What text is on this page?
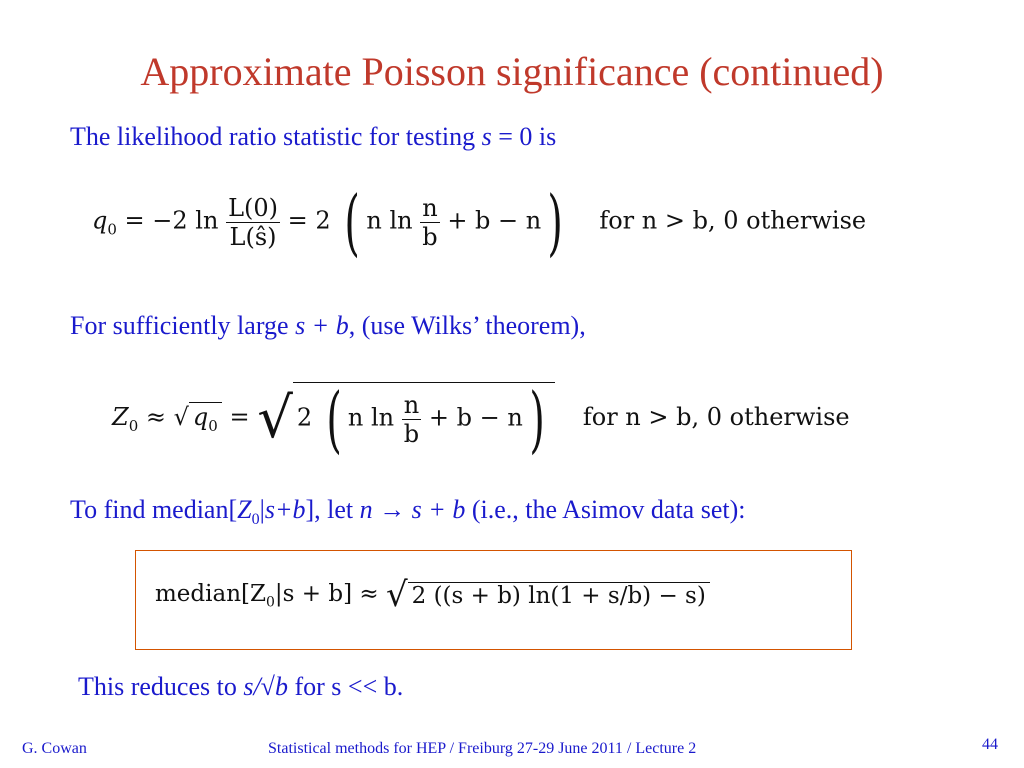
Approximate Poisson significance (continued)
The likelihood ratio statistic for testing s = 0 is
$q_0 = -2$ $\ln \frac{L(0)}{L(ŝ)} = 2$ ( n $\ln \frac{n}{b} + b - n$) for n > b, 0 otherwise
For sufficiently large s + b, (use Wilks’ theorem),
$Z_0$ ≈ √ $q_0$ = √ 2 ( n $\ln \frac{n}{b} + b - n$) for n > b, 0 otherwise
To find $median[Z_0|s+b]$, let n → s + b (i.e., the Asimov data set):
$median[Z_0|s + b]$ ≈ √ 2 ((s + b) ln(1 + s/b) − s)
This reduces to s/√b for s << b.
G. Cowan	Statistical methods for HEP / Freiburg 27-29 June 2011 / Lecture 2	44
